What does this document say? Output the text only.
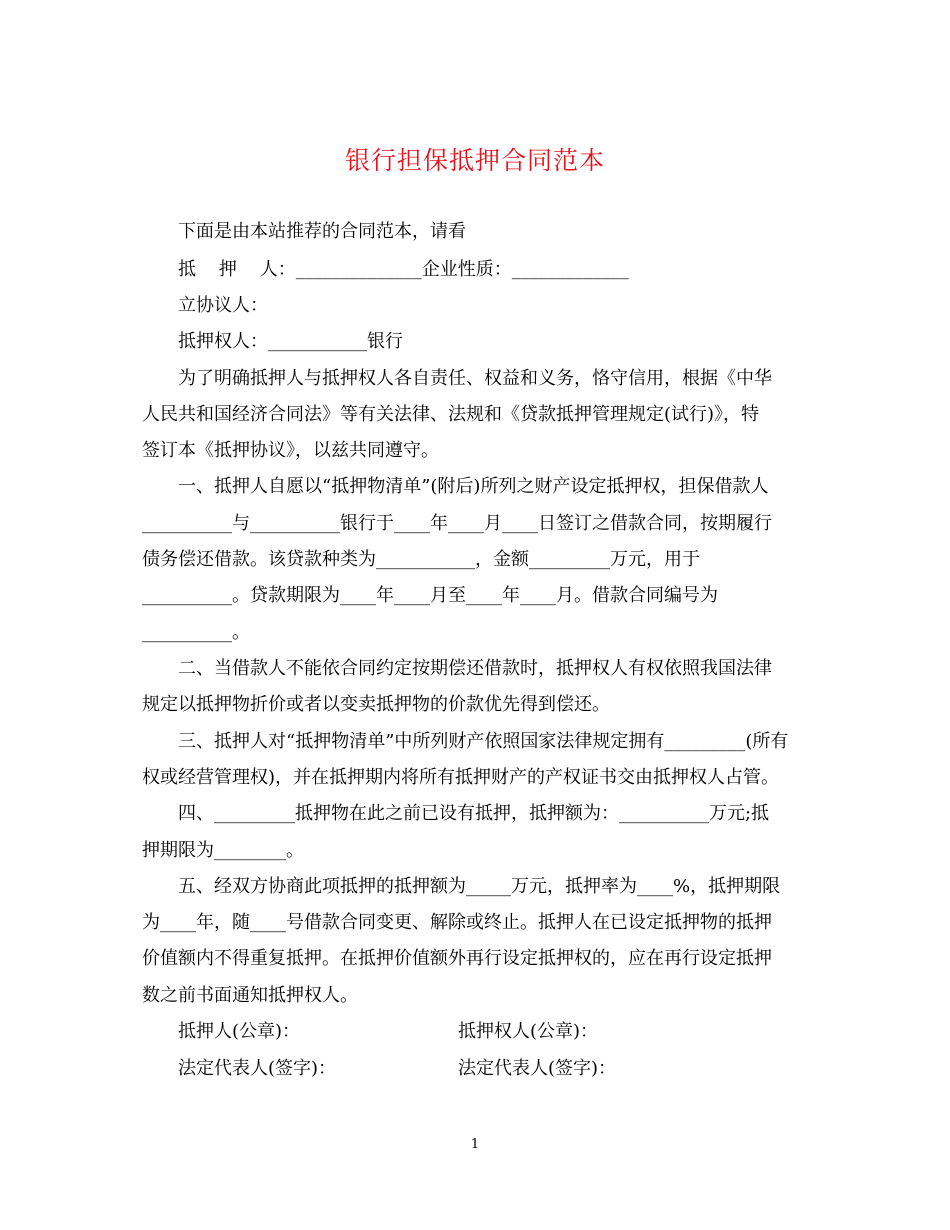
银行担保抵押合同范本
下面是由本站推荐的合同范本，请看
抵    押    人：______________企业性质：_____________
立协议人：
抵押权人：___________银行
为了明确抵押人与抵押权人各自责任、权益和义务，恪守信用，根据《中华
人民共和国经济合同法》等有关法律、法规和《贷款抵押管理规定(试行)》，特
签订本《抵押协议》，以兹共同遵守。
一、抵押人自愿以“抵押物清单”(附后)所列之财产设定抵押权，担保借款人
__________与__________银行于____年____月____日签订之借款合同，按期履行
债务偿还借款。该贷款种类为___________，金额_________万元，用于
__________。贷款期限为____年____月至____年____月。借款合同编号为
__________。
二、当借款人不能依合同约定按期偿还借款时，抵押权人有权依照我国法律
规定以抵押物折价或者以变卖抵押物的价款优先得到偿还。
三、抵押人对“抵押物清单”中所列财产依照国家法律规定拥有_________(所有
权或经营管理权)，并在抵押期内将所有抵押财产的产权证书交由抵押权人占管。
四、_________抵押物在此之前已设有抵押，抵押额为：__________万元;抵
押期限为________。
五、经双方协商此项抵押的抵押额为_____万元，抵押率为____%，抵押期限
为____年，随____号借款合同变更、解除或终止。抵押人在已设定抵押物的抵押
价值额内不得重复抵押。在抵押价值额外再行设定抵押权的，应在再行设定抵押
数之前书面通知抵押权人。
抵押人(公章)：	抵押权人(公章)：
法定代表人(签字)：	法定代表人(签字)：
1
